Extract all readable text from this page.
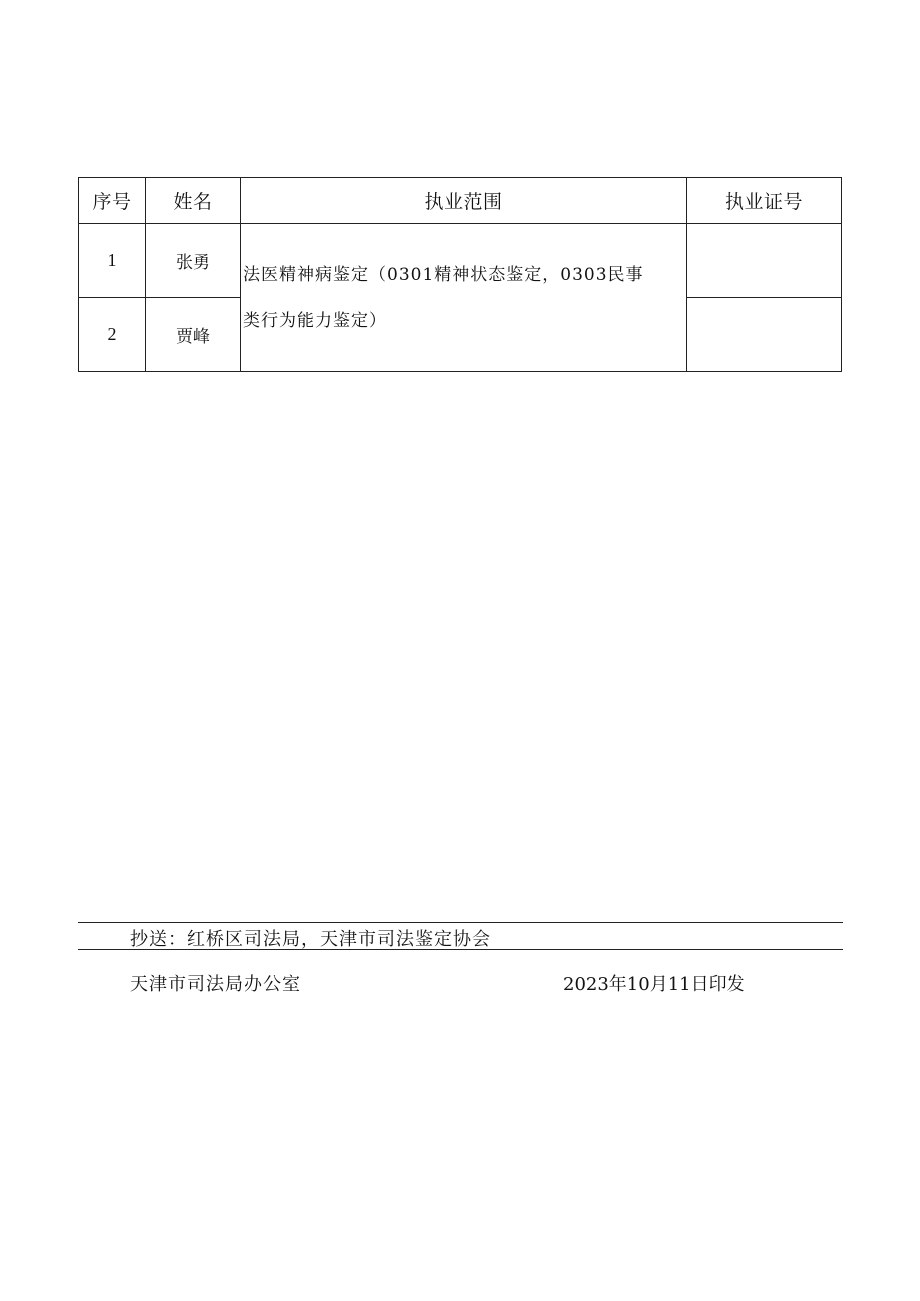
序号	姓名	执业范围	执业证号
1	张勇	法医精神病鉴定（0301精神状态鉴定，0303民事类行为能力鉴定）	
2	贾峰		
抄送：红桥区司法局，天津市司法鉴定协会
天津市司法局办公室	2023年10月11日印发
